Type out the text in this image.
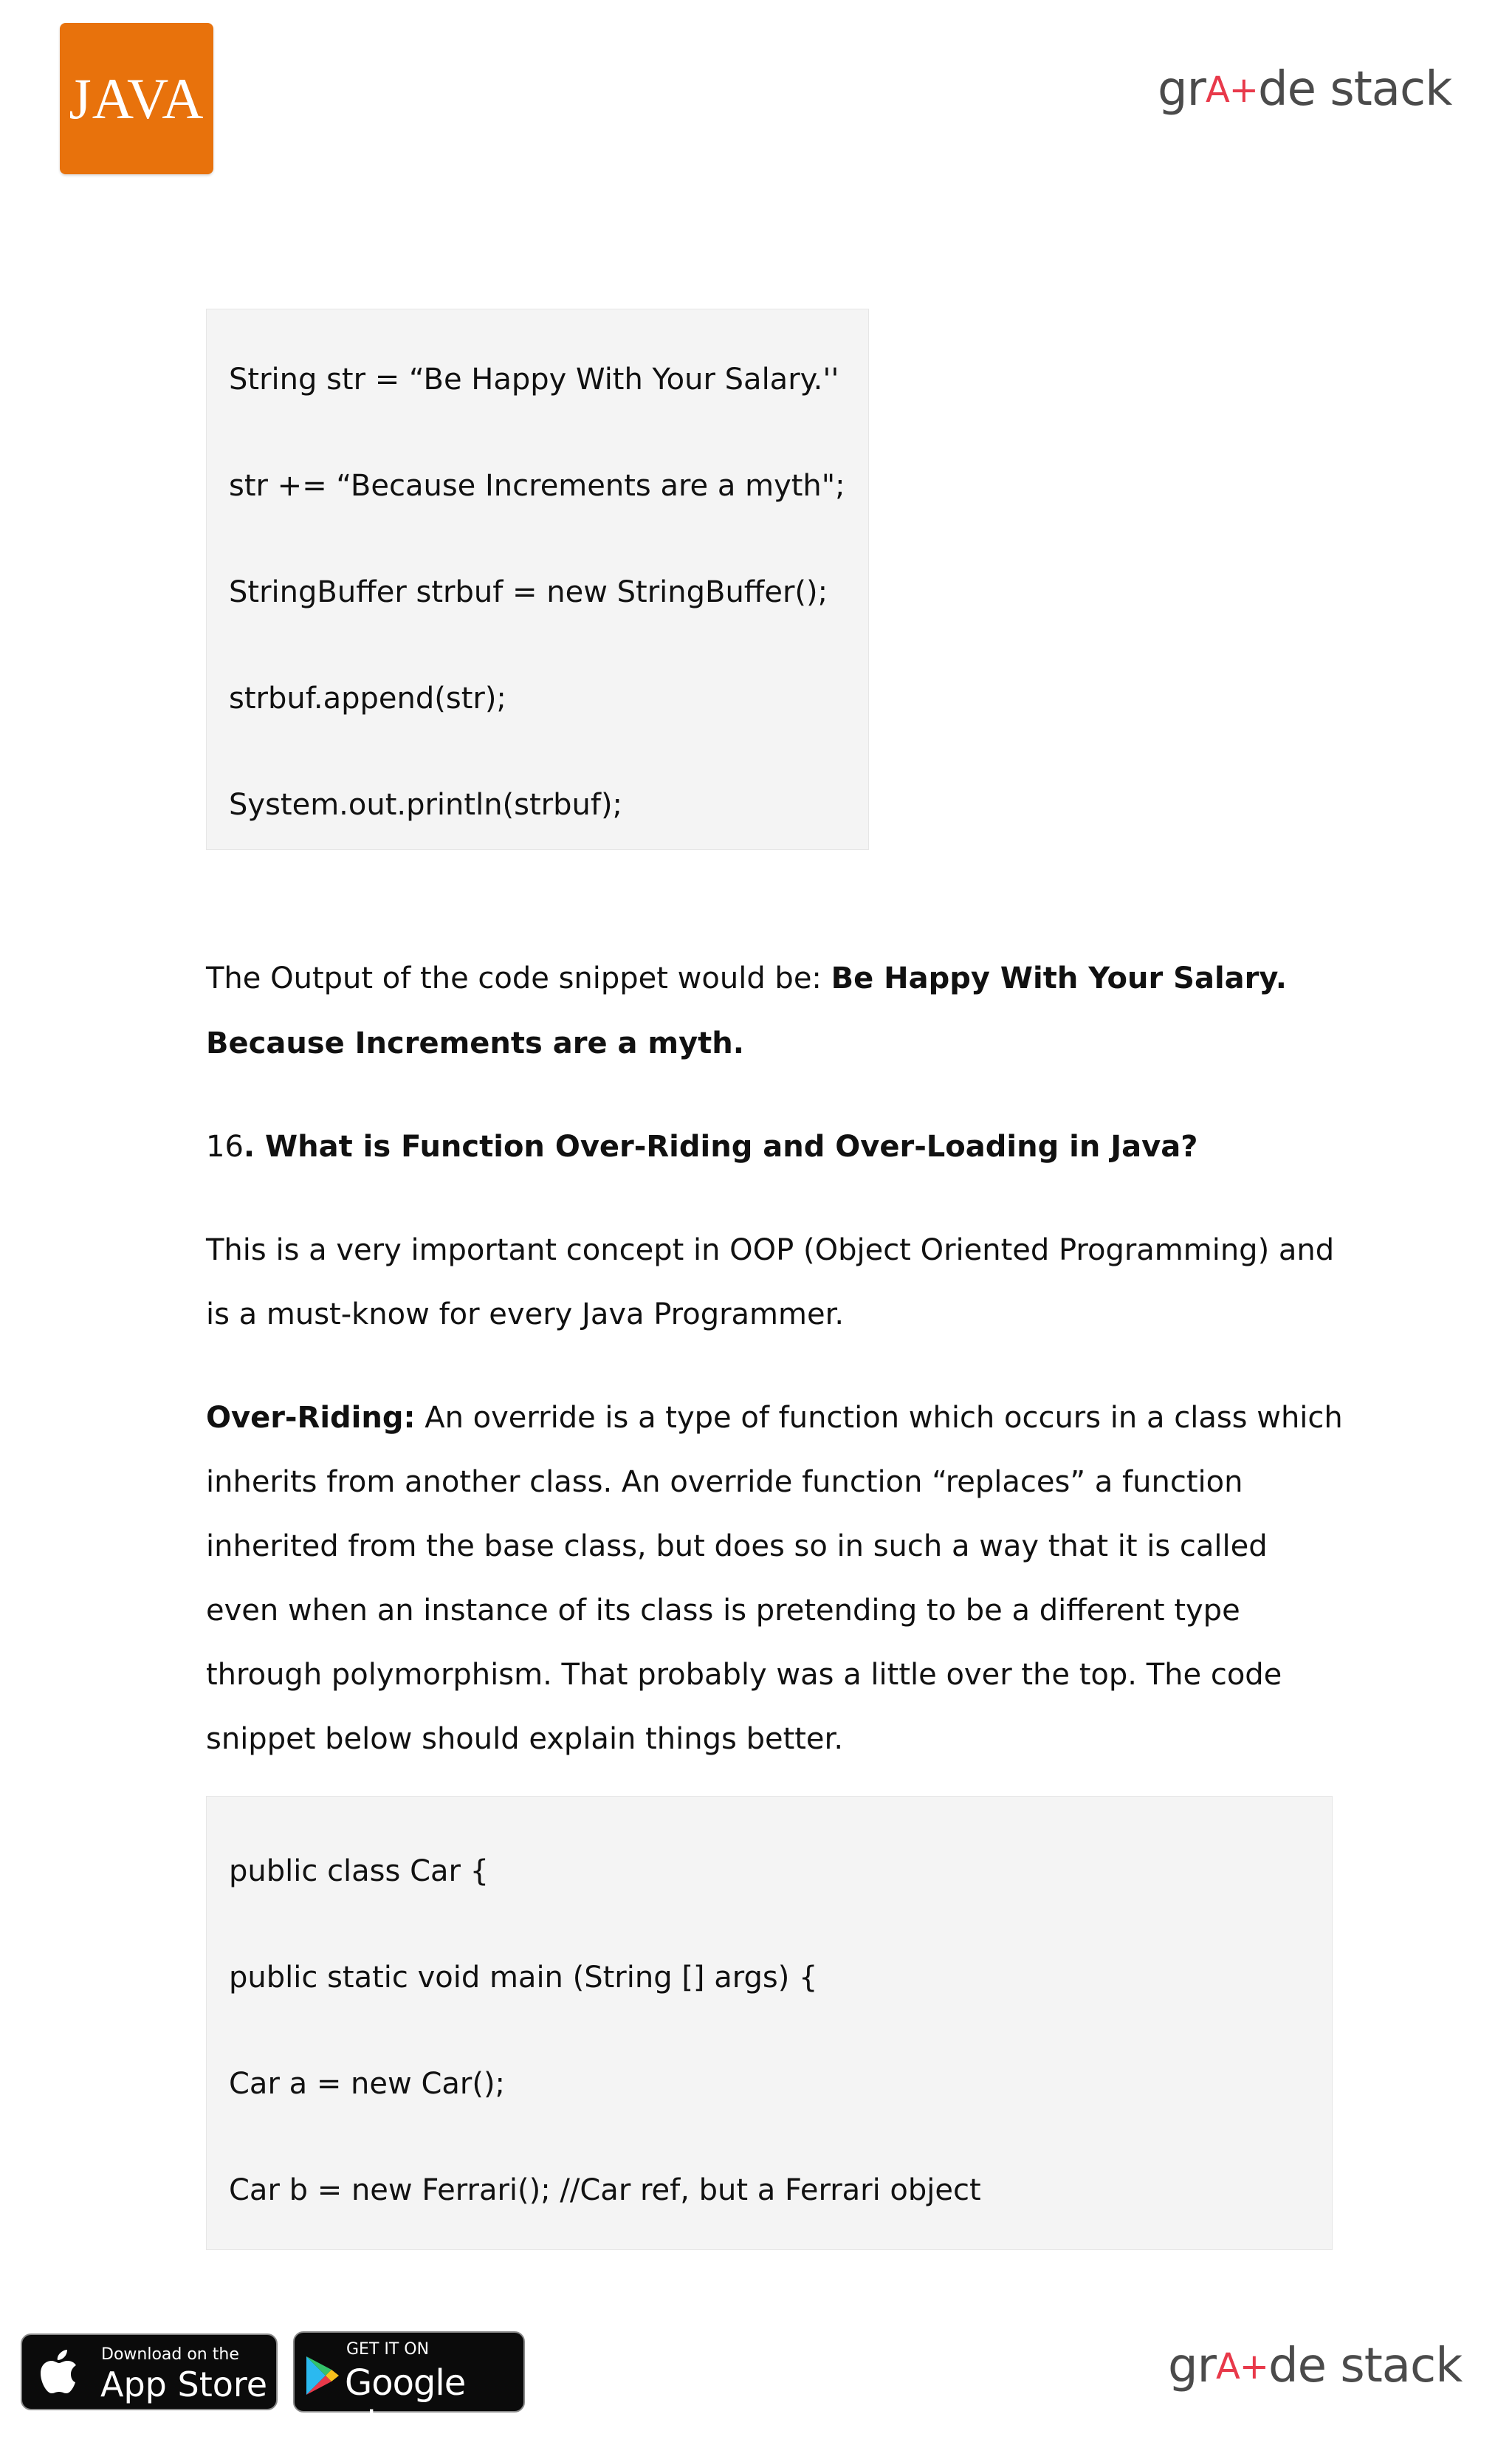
JAVA	grA+de stack
String str = “Be Happy With Your Salary.''
str += “Because Increments are a myth";
StringBuffer strbuf = new StringBuffer();
strbuf.append(str);
System.out.println(strbuf);
The Output of the code snippet would be: Be Happy With Your Salary.
Because Increments are a myth.
16. What is Function Over-Riding and Over-Loading in Java?
This is a very important concept in OOP (Object Oriented Programming) and
is a must-know for every Java Programmer.
Over-Riding: An override is a type of function which occurs in a class which
inherits from another class. An override function “replaces” a function
inherited from the base class, but does so in such a way that it is called
even when an instance of its class is pretending to be a different type
through polymorphism. That probably was a little over the top. The code
snippet below should explain things better.
public class Car {
public static void main (String [] args) {
Car a = new Car();
Car b = new Ferrari(); //Car ref, but a Ferrari object
Download on the
App Store
GET IT ON
Google play
grA+de stack
